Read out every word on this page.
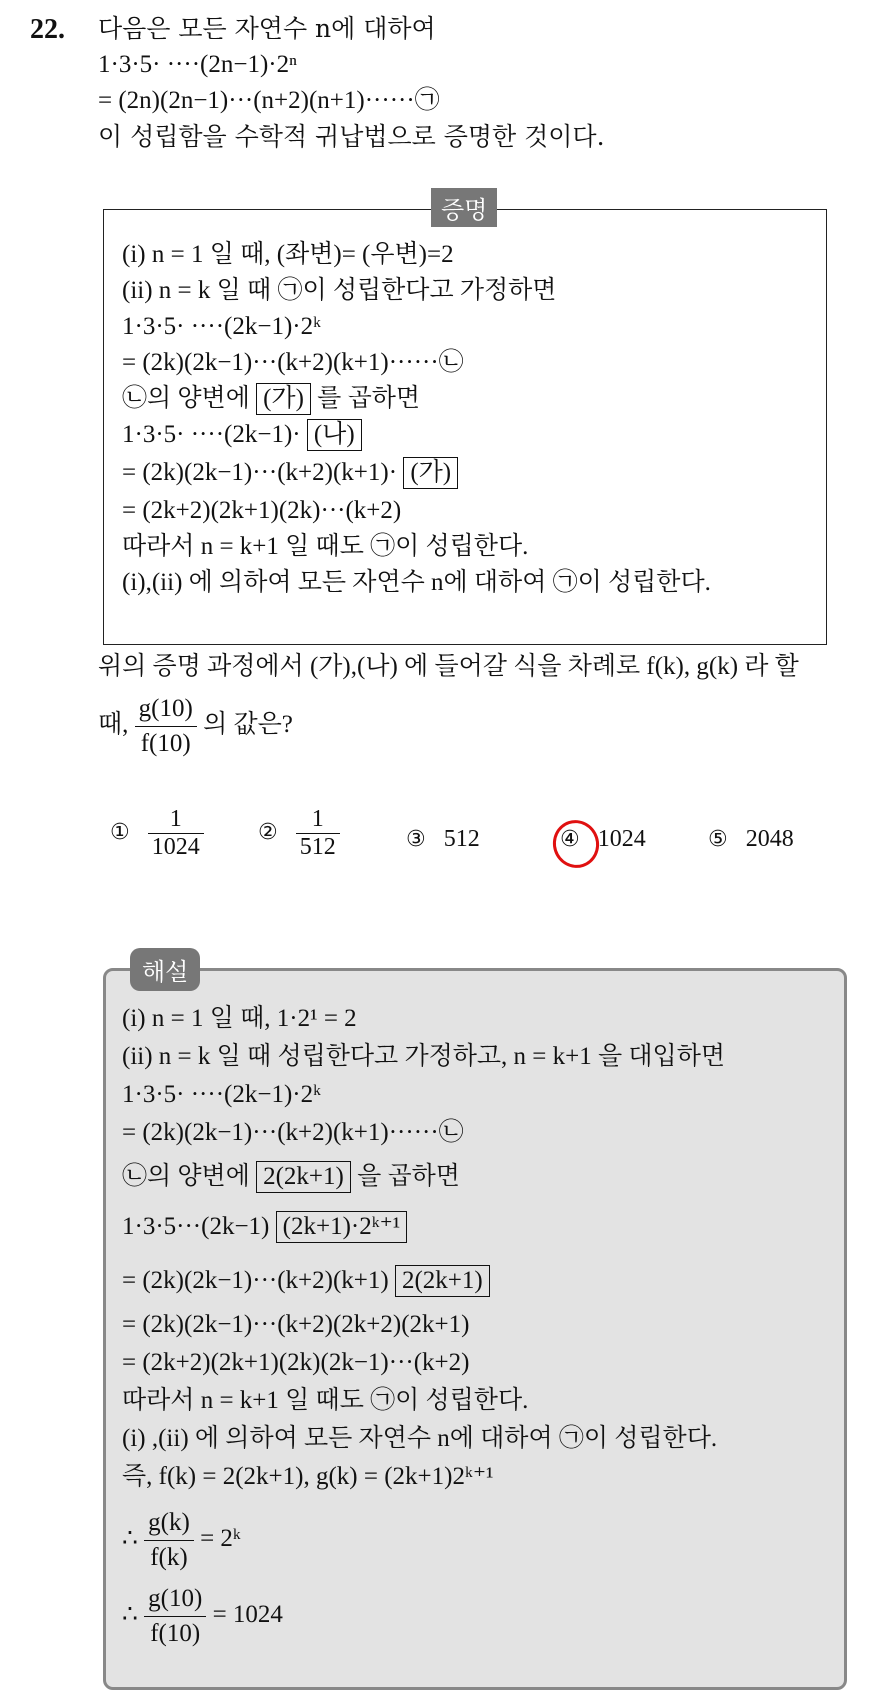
22. 다음은 모든 자연수 n에 대하여
1·3·5· ····(2n−1)·2ⁿ
= (2n)(2n−1)···(n+2)(n+1)······㉠
이 성립함을 수학적 귀납법으로 증명한 것이다.
증명
(i) n = 1 일 때, (좌변)= (우변)=2
(ii) n = k 일 때 ㉠이 성립한다고 가정하면
1·3·5· ····(2k−1)·2ᵏ
= (2k)(2k−1)···(k+2)(k+1)······㉡
㉡의 양변에 (가) 를 곱하면
1·3·5· ····(2k−1)· (나)
= (2k)(2k−1)···(k+2)(k+1)· (가)
= (2k+2)(2k+1)(2k)···(k+2)
따라서 n = k+1 일 때도 ㉠이 성립한다.
(i),(ii) 에 의하여 모든 자연수 n에 대하여 ㉠이 성립한다.
위의 증명 과정에서 (가),(나) 에 들어갈 식을 차례로 f(k), g(k) 라 할
때, $\frac{g(10)}{f(10)}$ 의 값은?
① $\frac{1}{1024}$ ② $\frac{1}{512}$	③ 512	④ 1024	⑤ 2048
해설
(i) n = 1 일 때, 1·2¹ = 2
(ii) n = k 일 때 성립한다고 가정하고, n = k+1 을 대입하면
1·3·5· ····(2k−1)·2ᵏ
= (2k)(2k−1)···(k+2)(k+1)······㉡
㉡의 양변에 2(2k+1) 을 곱하면
1·3·5···(2k−1) (2k+1)·2ᵏ⁺¹
= (2k)(2k−1)···(k+2)(k+1) 2(2k+1)
= (2k)(2k−1)···(k+2)(2k+2)(2k+1)
= (2k+2)(2k+1)(2k)(2k−1)···(k+2)
따라서 n = k+1 일 때도 ㉠이 성립한다.
(i) ,(ii) 에 의하여 모든 자연수 n에 대하여 ㉠이 성립한다.
즉, f(k) = 2(2k+1), g(k) = (2k+1)2ᵏ⁺¹
∴ $\frac{g(k)}{f(k)}$ = 2ᵏ
∴ $\frac{g(10)}{f(10)} = 1024$
